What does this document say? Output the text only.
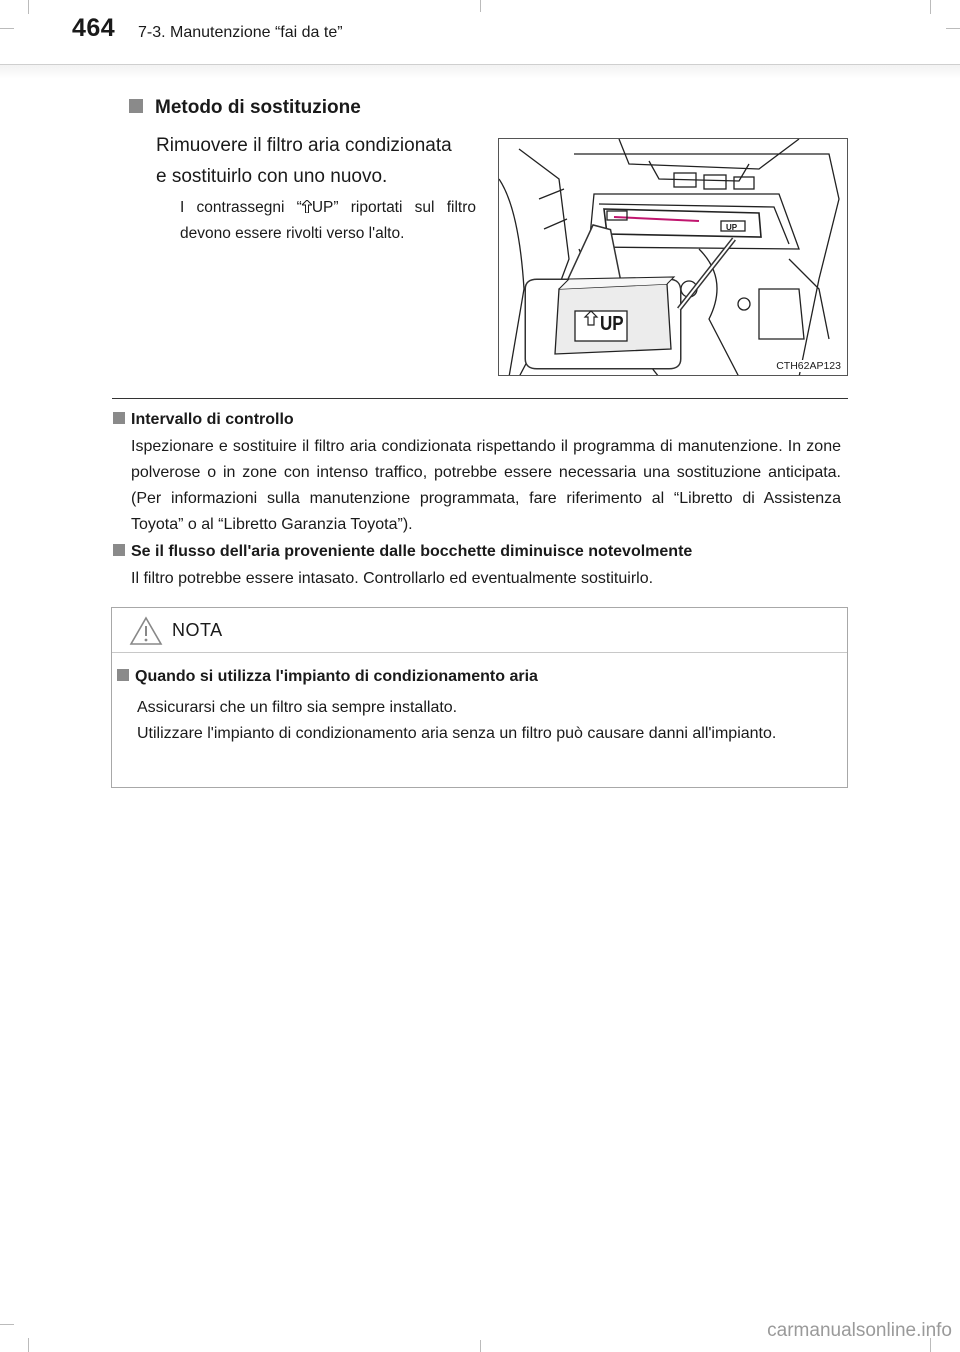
464 7-3. Manutenzione “fai da te”
Metodo di sostituzione
Rimuovere il filtro aria condizionata
e sostituirlo con uno nuovo.
I contrassegni “ UP” riportati sul filtro devono essere rivolti verso l'alto.
CTH62AP123
UP
UP
Intervallo di controllo
Ispezionare e sostituire il filtro aria condizionata rispettando il programma di manutenzione. In zone polverose o in zone con intenso traffico, potrebbe essere necessaria una sostituzione anticipata. (Per informazioni sulla manutenzione programmata, fare riferimento al “Libretto di Assistenza Toyota” o al “Libretto Garanzia Toyota”).
Se il flusso dell'aria proveniente dalle bocchette diminuisce notevolmente
Il filtro potrebbe essere intasato. Controllarlo ed eventualmente sostituirlo.
NOTA
Quando si utilizza l'impianto di condizionamento aria

Assicurarsi che un filtro sia sempre installato.

Utilizzare l'impianto di condizionamento aria senza un filtro può causare danni all'impianto.

carmanualsonline.info
